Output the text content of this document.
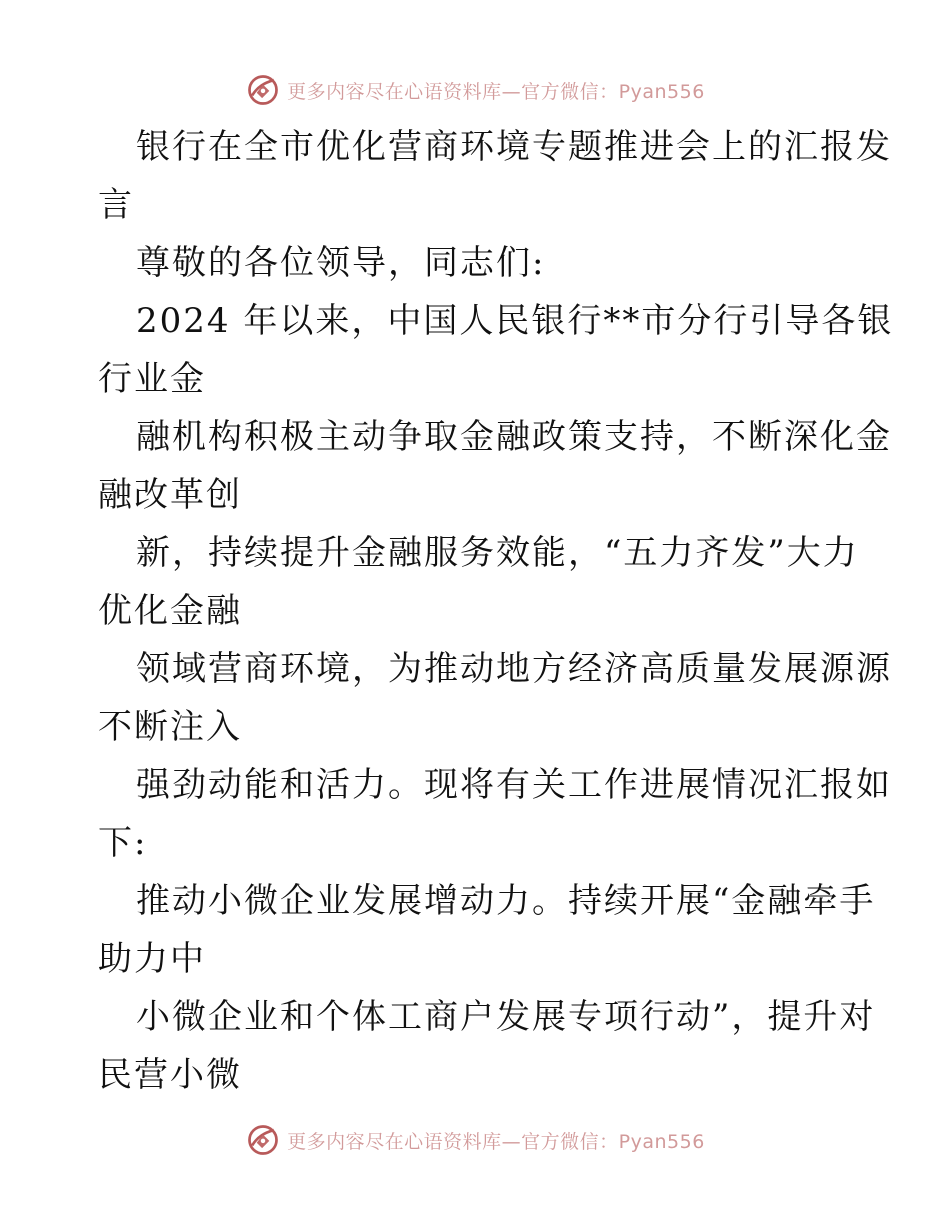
更多内容尽在心语资料库—官方微信：Pyan556
银行在全市优化营商环境专题推进会上的汇报发
言
尊敬的各位领导，同志们:
2024 年以来，中国人民银行**市分行引导各银
行业金
融机构积极主动争取金融政策支持，不断深化金
融改革创
新，持续提升金融服务效能，“五力齐发”大力
优化金融
领域营商环境，为推动地方经济高质量发展源源
不断注入
强劲动能和活力。现将有关工作进展情况汇报如
下:
推动小微企业发展增动力。持续开展“金融牵手
助力中
小微企业和个体工商户发展专项行动”，提升对
民营小微
更多内容尽在心语资料库—官方微信：Pyan556
